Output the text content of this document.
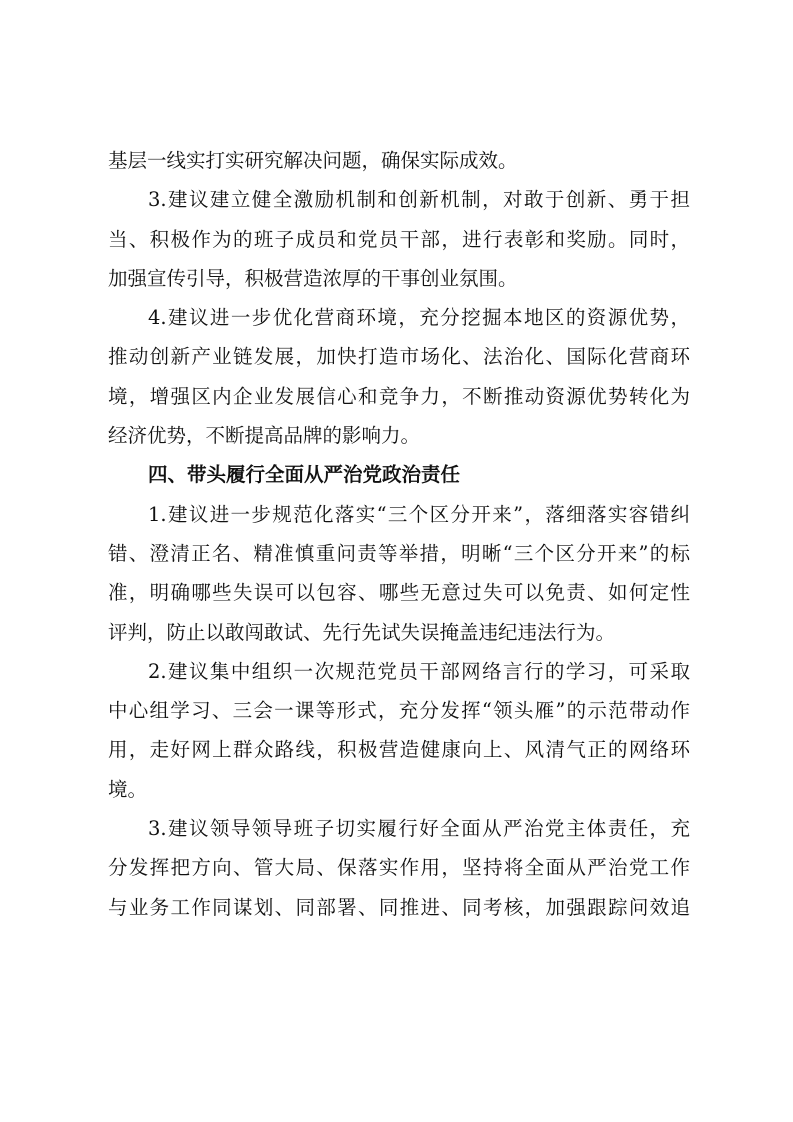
基层一线实打实研究解决问题，确保实际成效。
3.建议建立健全激励机制和创新机制，对敢于创新、勇于担
当、积极作为的班子成员和党员干部，进行表彰和奖励。同时，
加强宣传引导，积极营造浓厚的干事创业氛围。
4.建议进一步优化营商环境，充分挖掘本地区的资源优势，
推动创新产业链发展，加快打造市场化、法治化、国际化营商环
境，增强区内企业发展信心和竞争力，不断推动资源优势转化为
经济优势，不断提高品牌的影响力。
四、带头履行全面从严治党政治责任
1.建议进一步规范化落实“三个区分开来”，落细落实容错纠
错、澄清正名、精准慎重问责等举措，明晰“三个区分开来”的标
准，明确哪些失误可以包容、哪些无意过失可以免责、如何定性
评判，防止以敢闯敢试、先行先试失误掩盖违纪违法行为。
2.建议集中组织一次规范党员干部网络言行的学习，可采取
中心组学习、三会一课等形式，充分发挥“领头雁”的示范带动作
用，走好网上群众路线，积极营造健康向上、风清气正的网络环
境。
3.建议领导领导班子切实履行好全面从严治党主体责任，充
分发挥把方向、管大局、保落实作用，坚持将全面从严治党工作
与业务工作同谋划、同部署、同推进、同考核，加强跟踪问效追
